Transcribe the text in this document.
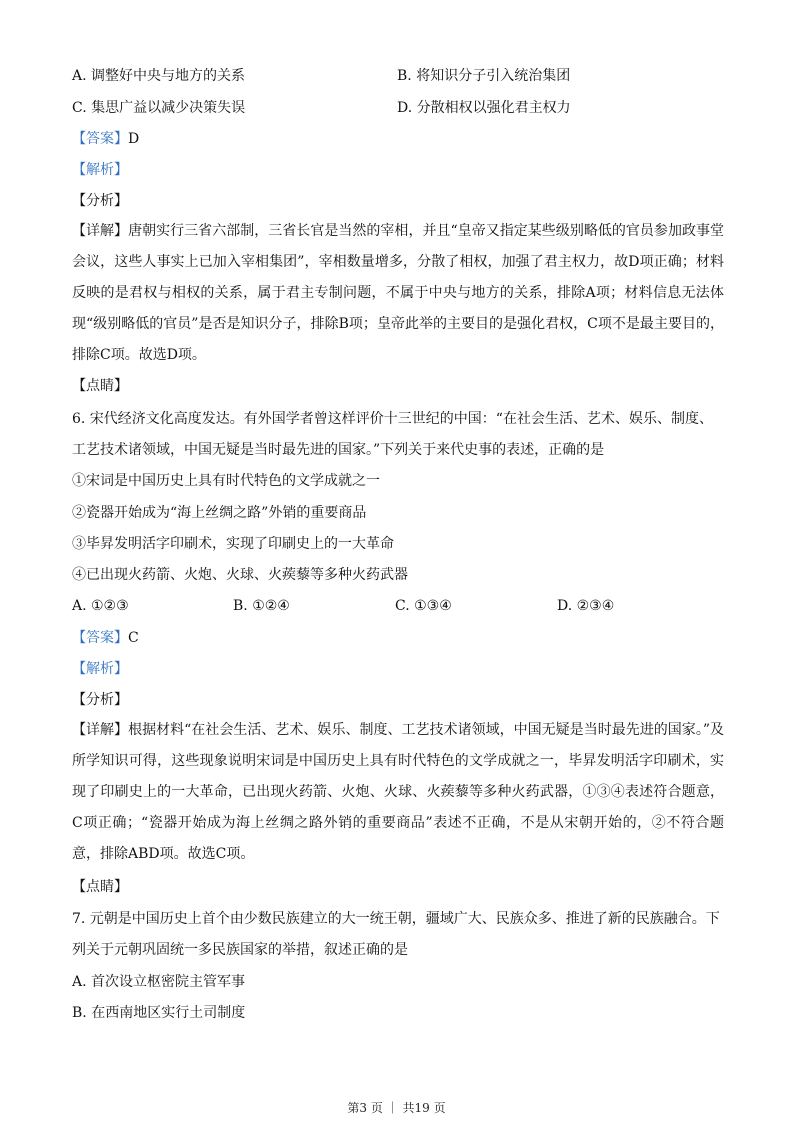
A. 调整好中央与地方的关系	B. 将知识分子引入统治集团
C. 集思广益以减少决策失误	D. 分散相权以强化君主权力
【答案】D
【解析】
【分析】
【详解】唐朝实行三省六部制，三省长官是当然的宰相，并且“皇帝又指定某些级别略低的官员参加政事堂会议，这些人事实上已加入宰相集团”，宰相数量增多，分散了相权，加强了君主权力，故D项正确；材料反映的是君权与相权的关系，属于君主专制问题，不属于中央与地方的关系，排除A项；材料信息无法体现“级别略低的官员”是否是知识分子，排除B项；皇帝此举的主要目的是强化君权，C项不是最主要目的，排除C项。故选D项。
【点睛】
6. 宋代经济文化高度发达。有外国学者曾这样评价十三世纪的中国：“在社会生活、艺术、娱乐、制度、
工艺技术诸领域，中国无疑是当时最先进的国家。”下列关于来代史事的表述，正确的是
①宋词是中国历史上具有时代特色的文学成就之一
②瓷器开始成为“海上丝绸之路”外销的重要商品
③毕昇发明活字印刷术，实现了印刷史上的一大革命
④已出现火药箭、火炮、火球、火蒺藜等多种火药武器
A. ①②③	B. ①②④	C. ①③④	D. ②③④
【答案】C
【解析】
【分析】
【详解】根据材料“在社会生活、艺术、娱乐、制度、工艺技术诸领域，中国无疑是当时最先进的国家。”及所学知识可得，这些现象说明宋词是中国历史上具有时代特色的文学成就之一，毕昇发明活字印刷术，实现了印刷史上的一大革命，已出现火药箭、火炮、火球、火蒺藜等多种火药武器，①③④表述符合题意，C项正确；“瓷器开始成为海上丝绸之路外销的重要商品”表述不正确，不是从宋朝开始的，②不符合题意，排除ABD项。故选C项。
【点睛】
7. 元朝是中国历史上首个由少数民族建立的大一统王朝，疆域广大、民族众多、推进了新的民族融合。下
列关于元朝巩固统一多民族国家的举措，叙述正确的是
A. 首次设立枢密院主管军事
B. 在西南地区实行土司制度
第3 页 ｜ 共19 页
